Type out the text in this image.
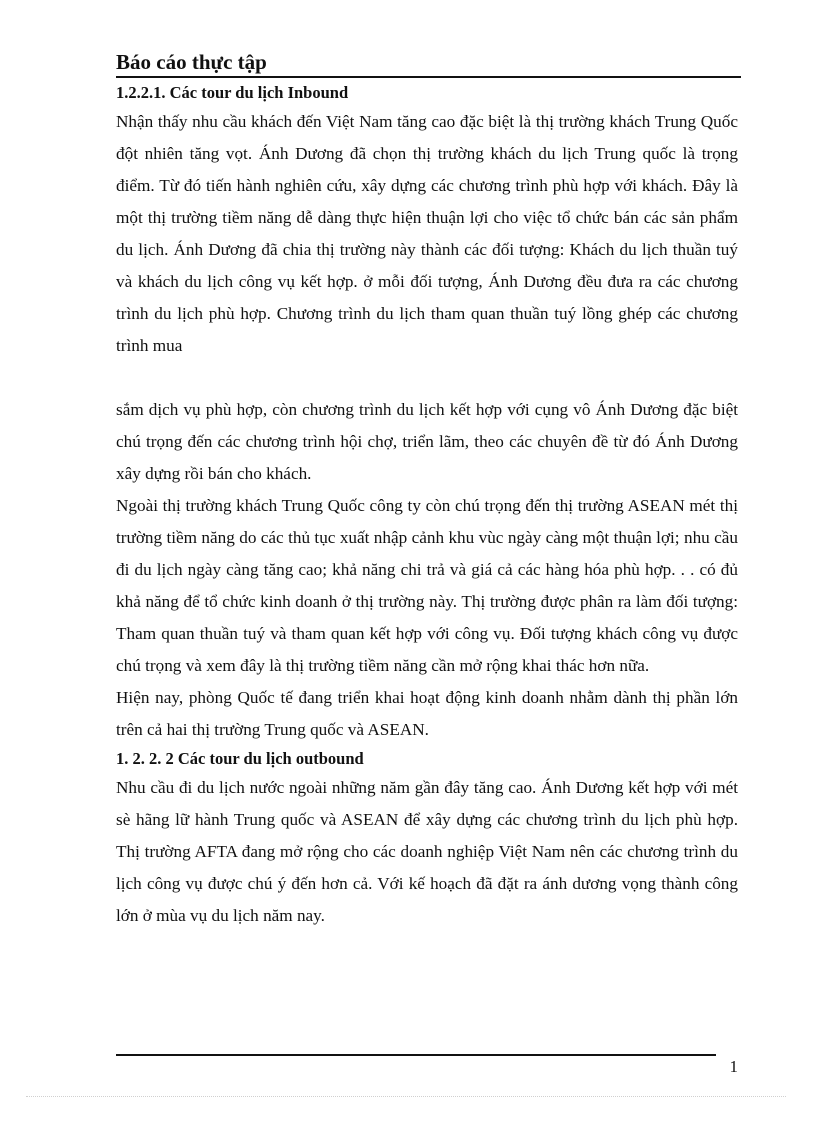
Báo cáo thực tập
1.2.2.1. Các tour du lịch Inbound

Nhận thấy nhu cầu khách đến Việt Nam tăng cao đặc biệt là thị trường khách Trung Quốc đột nhiên tăng vọt. Ánh Dương đã chọn thị trường khách du lịch Trung quốc là trọng điểm. Từ đó tiến hành nghiên cứu, xây dựng các chương trình phù hợp với khách. Đây là một thị trường tiềm năng dễ dàng thực hiện thuận lợi cho việc tổ chức bán các sản phẩm du lịch. Ánh Dương đã chia thị trường này thành các đối tượng: Khách du lịch thuần tuý và khách du lịch công vụ kết hợp. ở mỗi đối tượng, Ánh Dương đều đưa ra các chương trình du lịch phù hợp. Chương trình du lịch tham quan thuần tuý lồng ghép các chương trình mua

sắm dịch vụ phù hợp, còn chương trình du lịch kết hợp với cụng vô Ánh Dương đặc biệt chú trọng đến các chương trình hội chợ, triển lãm, theo các chuyên đề từ đó Ánh Dương xây dựng rồi bán cho khách.

Ngoài thị trường khách Trung Quốc công ty còn chú trọng đến thị trường ASEAN mét thị trường tiềm năng do các thủ tục xuất nhập cảnh khu vùc ngày càng một thuận lợi; nhu cầu đi du lịch ngày càng tăng cao; khả năng chi trả và giá cả các hàng hóa phù hợp. . . có đủ khả năng để tổ chức kinh doanh ở thị trường này. Thị trường được phân ra làm đối tượng: Tham quan thuần tuý và tham quan kết hợp với công vụ. Đối tượng khách công vụ được chú trọng và xem đây là thị trường tiềm năng cần mở rộng khai thác hơn nữa.

Hiện nay, phòng Quốc tế đang triển khai hoạt động kinh doanh nhằm dành thị phần lớn trên cả hai thị trường Trung quốc và ASEAN.

1. 2. 2. 2 Các tour du lịch outbound

Nhu cầu đi du lịch nước ngoài những năm gần đây tăng cao. Ánh Dương kết hợp với mét sè hãng lữ hành Trung quốc và ASEAN để xây dựng các chương trình du lịch phù hợp. Thị trường AFTA đang mở rộng cho các doanh nghiệp Việt Nam nên các chương trình du lịch công vụ được chú ý đến hơn cả. Với kế hoạch đã đặt ra ánh dương vọng thành công lớn ở mùa vụ du lịch năm nay.

1
